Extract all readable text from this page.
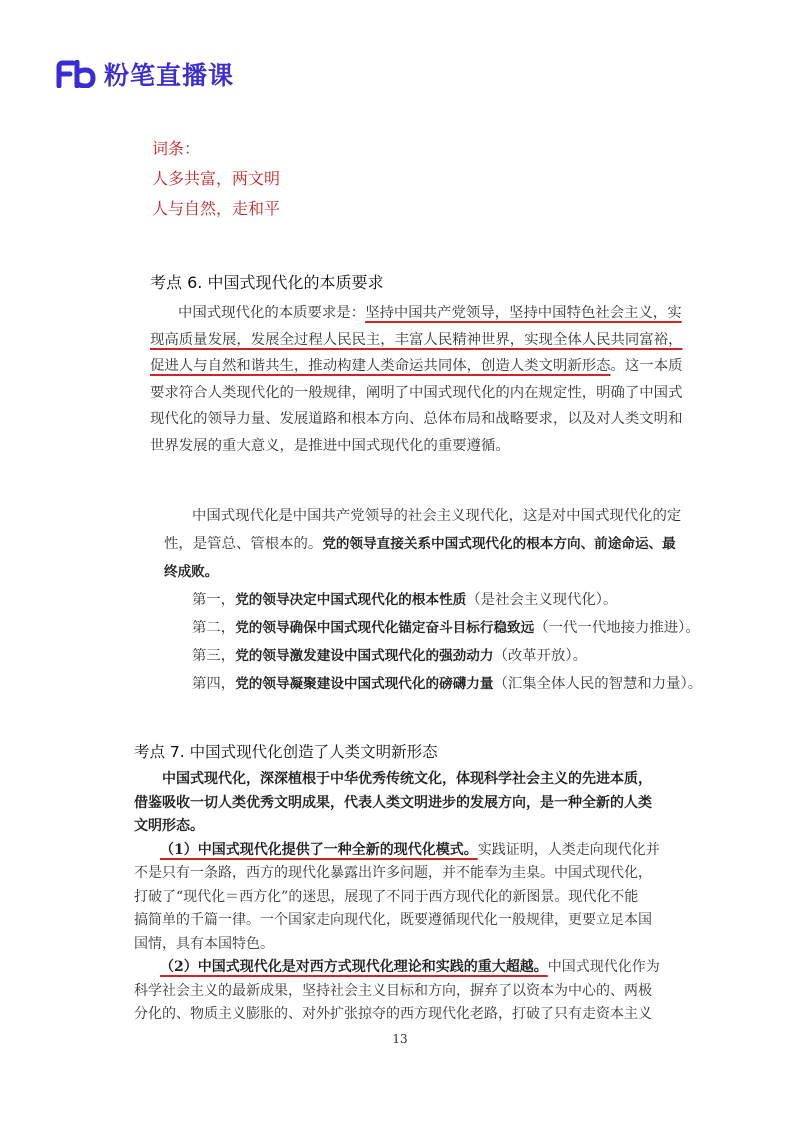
粉笔直播课
词条：
人多共富，两文明
人与自然，走和平
考点 6. 中国式现代化的本质要求
中国式现代化的本质要求是：坚持中国共产党领导，坚持中国特色社会主义，实
现高质量发展，发展全过程人民民主，丰富人民精神世界，实现全体人民共同富裕，
促进人与自然和谐共生，推动构建人类命运共同体，创造人类文明新形态。这一本质
要求符合人类现代化的一般规律，阐明了中国式现代化的内在规定性，明确了中国式
现代化的领导力量、发展道路和根本方向、总体布局和战略要求，以及对人类文明和
世界发展的重大意义，是推进中国式现代化的重要遵循。
中国式现代化是中国共产党领导的社会主义现代化，这是对中国式现代化的定
性，是管总、管根本的。党的领导直接关系中国式现代化的根本方向、前途命运、最
终成败。
第一，党的领导决定中国式现代化的根本性质（是社会主义现代化）。
第二，党的领导确保中国式现代化锚定奋斗目标行稳致远（一代一代地接力推进）。
第三，党的领导激发建设中国式现代化的强劲动力（改革开放）。
第四，党的领导凝聚建设中国式现代化的磅礴力量（汇集全体人民的智慧和力量）。
考点 7. 中国式现代化创造了人类文明新形态
中国式现代化，深深植根于中华优秀传统文化，体现科学社会主义的先进本质，
借鉴吸收一切人类优秀文明成果，代表人类文明进步的发展方向，是一种全新的人类
文明形态。
（1）中国式现代化提供了一种全新的现代化模式。实践证明，人类走向现代化并
不是只有一条路，西方的现代化暴露出许多问题，并不能奉为圭臬。中国式现代化，
打破了“现代化＝西方化”的迷思，展现了不同于西方现代化的新图景。现代化不能
搞简单的千篇一律。一个国家走向现代化，既要遵循现代化一般规律，更要立足本国
国情，具有本国特色。
（2）中国式现代化是对西方式现代化理论和实践的重大超越。中国式现代化作为
科学社会主义的最新成果，坚持社会主义目标和方向，摒弃了以资本为中心的、两极
分化的、物质主义膨胀的、对外扩张掠夺的西方现代化老路，打破了只有走资本主义
13
